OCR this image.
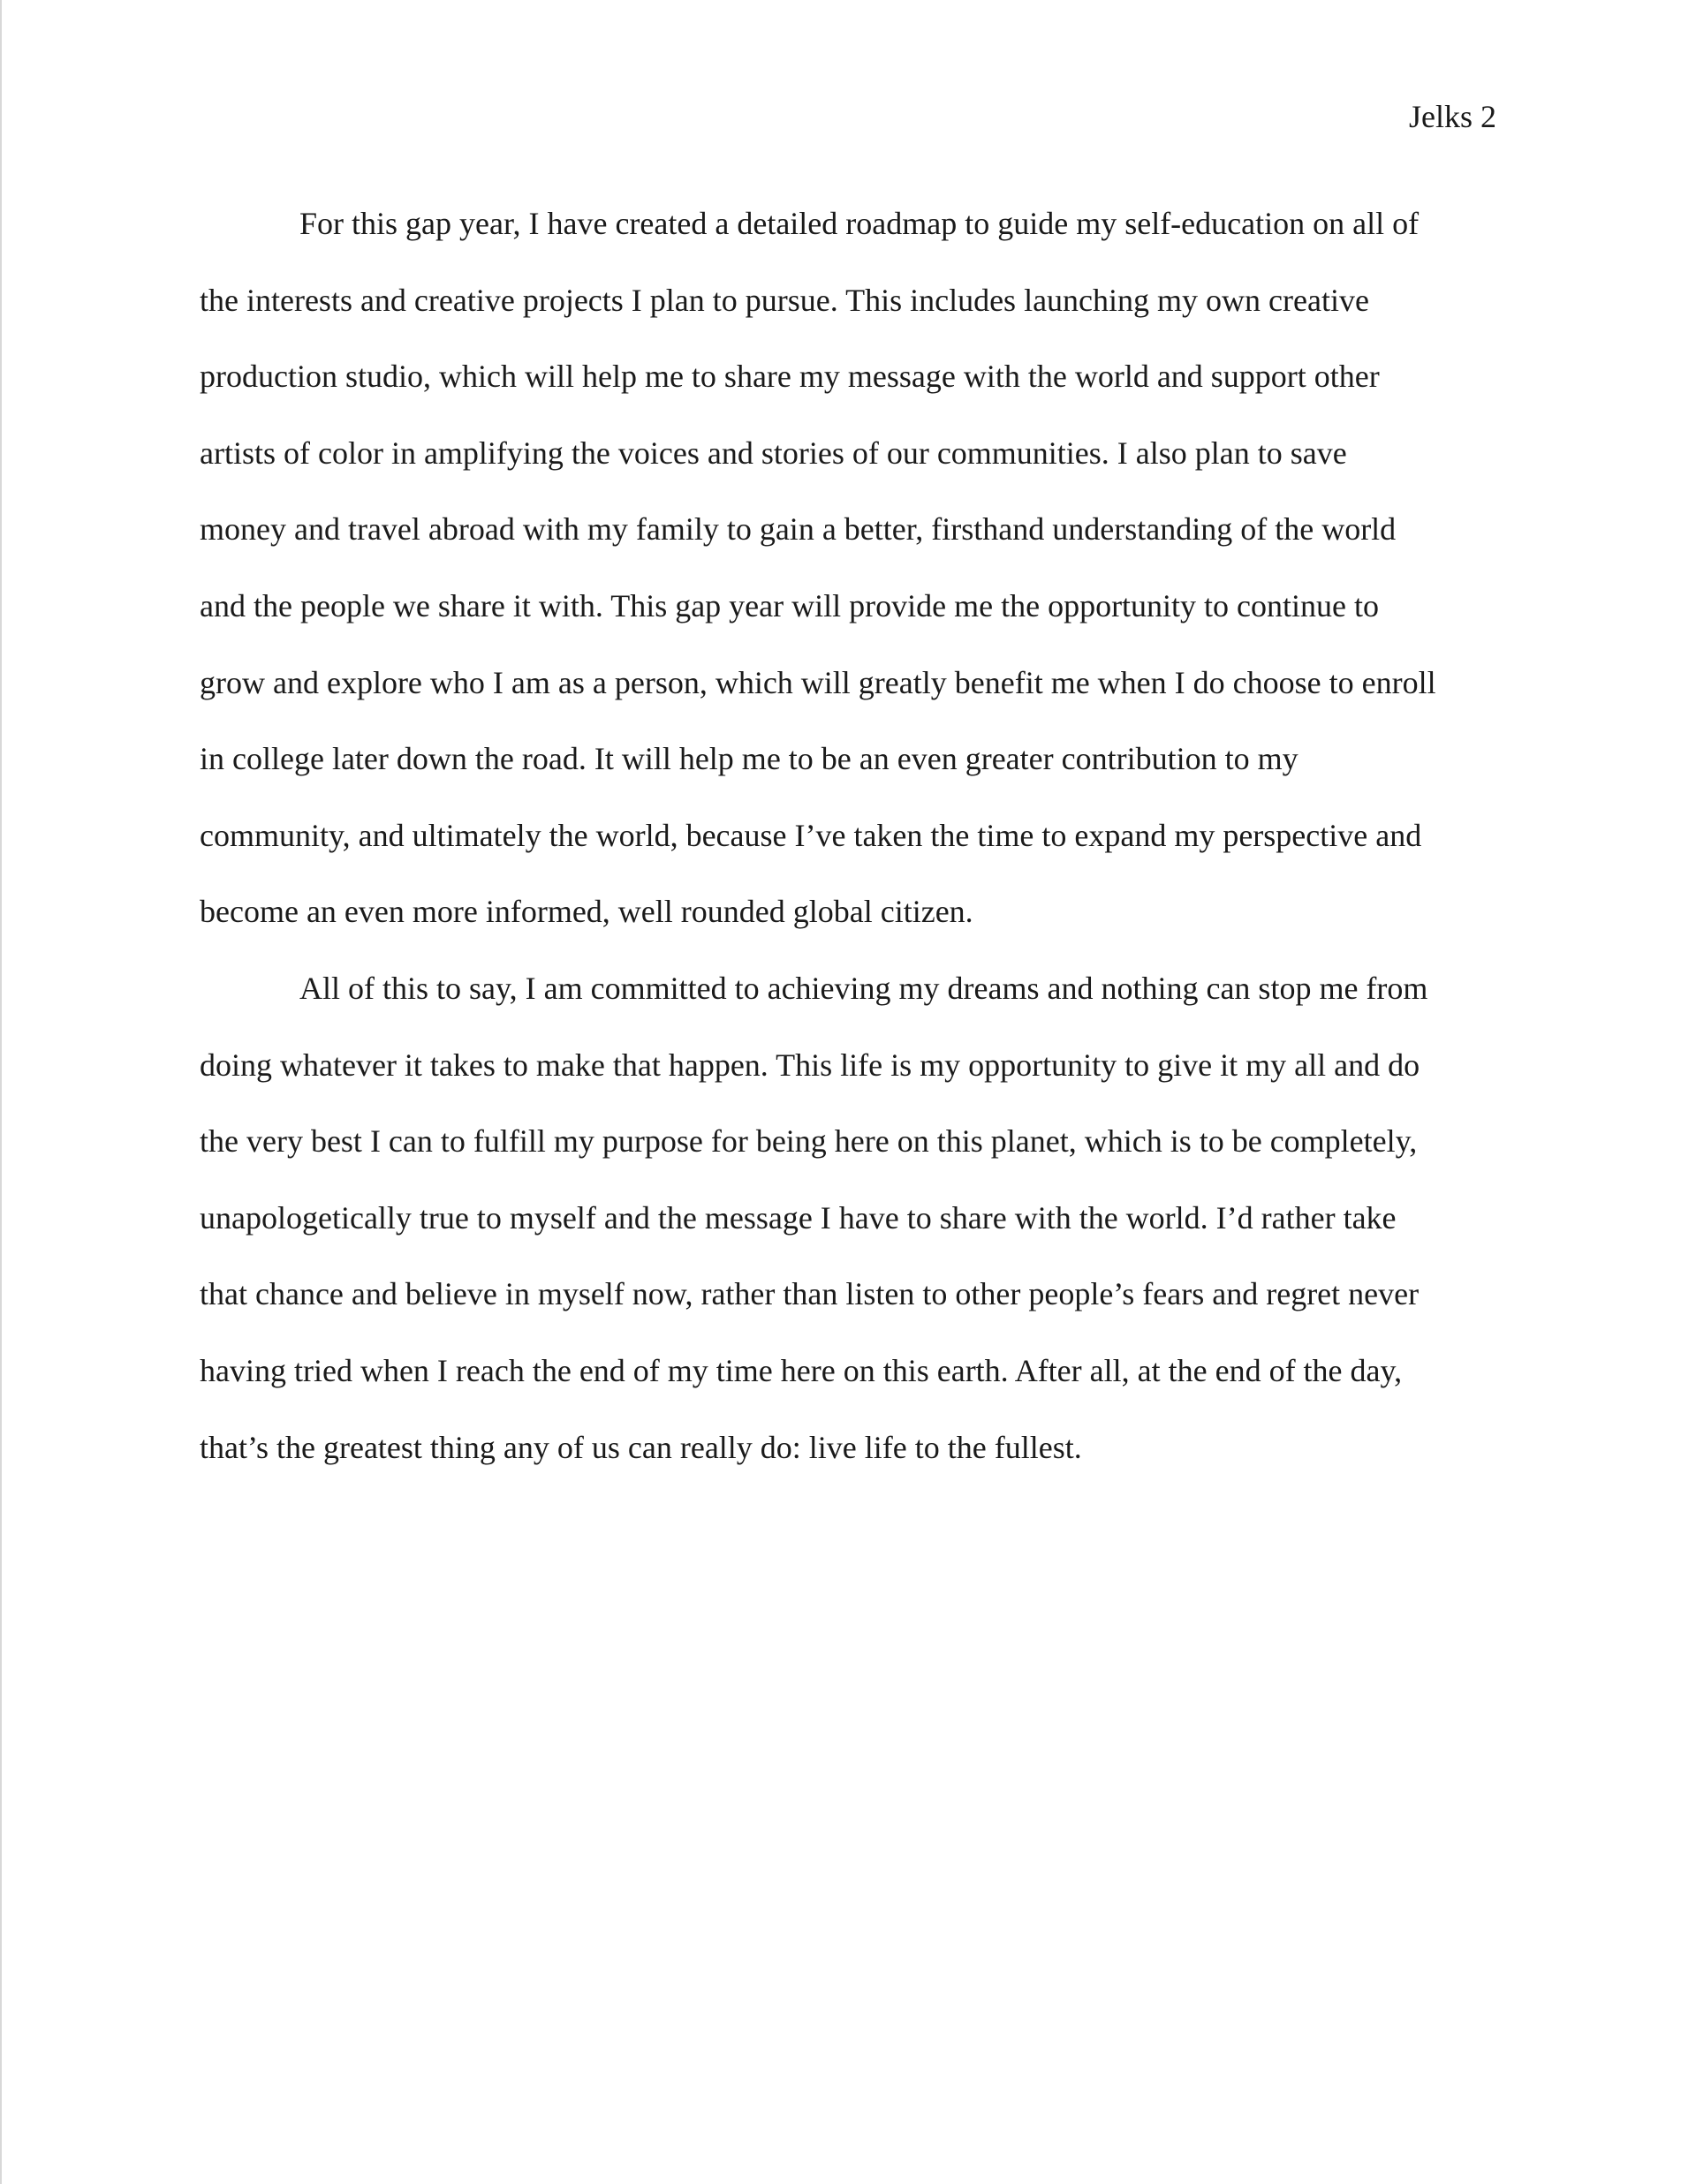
Jelks 2
For this gap year, I have created a detailed roadmap to guide my self-education on all of
the interests and creative projects I plan to pursue. This includes launching my own creative
production studio, which will help me to share my message with the world and support other
artists of color in amplifying the voices and stories of our communities. I also plan to save
money and travel abroad with my family to gain a better, firsthand understanding of the world
and the people we share it with. This gap year will provide me the opportunity to continue to
grow and explore who I am as a person, which will greatly benefit me when I do choose to enroll
in college later down the road. It will help me to be an even greater contribution to my
community, and ultimately the world, because I’ve taken the time to expand my perspective and
become an even more informed, well rounded global citizen.
All of this to say, I am committed to achieving my dreams and nothing can stop me from
doing whatever it takes to make that happen. This life is my opportunity to give it my all and do
the very best I can to fulfill my purpose for being here on this planet, which is to be completely,
unapologetically true to myself and the message I have to share with the world. I’d rather take
that chance and believe in myself now, rather than listen to other people’s fears and regret never
having tried when I reach the end of my time here on this earth. After all, at the end of the day,
that’s the greatest thing any of us can really do: live life to the fullest.
